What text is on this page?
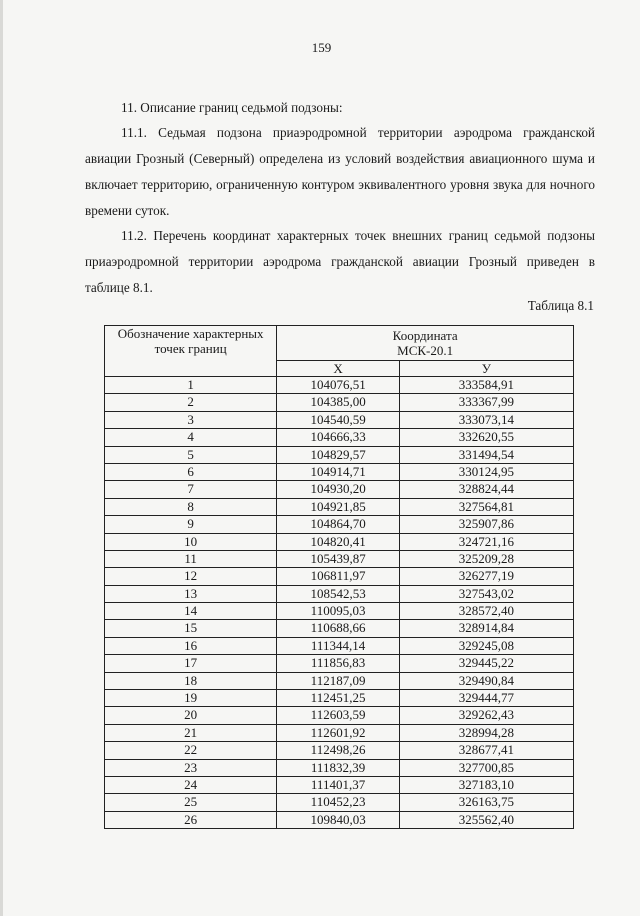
159

11. Описание границ седьмой подзоны:

11.1. Седьмая подзона приаэродромной территории аэродрома гражданской авиации Грозный (Северный) определена из условий воздействия авиационного шума и включает территорию, ограниченную контуром эквивалентного уровня звука для ночного времени суток.

11.2. Перечень координат характерных точек внешних границ седьмой подзоны приаэродромной территории аэродрома гражданской авиации Грозный приведен в таблице 8.1.

Таблица 8.1
Обозначение характерных точек границ	Координата
МСК-20.1	

	X	У
1	104076,51	333584,91
2	104385,00	333367,99
3	104540,59	333073,14
4	104666,33	332620,55
5	104829,57	331494,54
6	104914,71	330124,95
7	104930,20	328824,44
8	104921,85	327564,81
9	104864,70	325907,86
10	104820,41	324721,16
11	105439,87	325209,28
12	106811,97	326277,19
13	108542,53	327543,02
14	110095,03	328572,40
15	110688,66	328914,84
16	111344,14	329245,08
17	111856,83	329445,22
18	112187,09	329490,84
19	112451,25	329444,77
20	112603,59	329262,43
21	112601,92	328994,28
22	112498,26	328677,41
23	111832,39	327700,85
24	111401,37	327183,10
25	110452,23	326163,75
26	109840,03	325562,40
